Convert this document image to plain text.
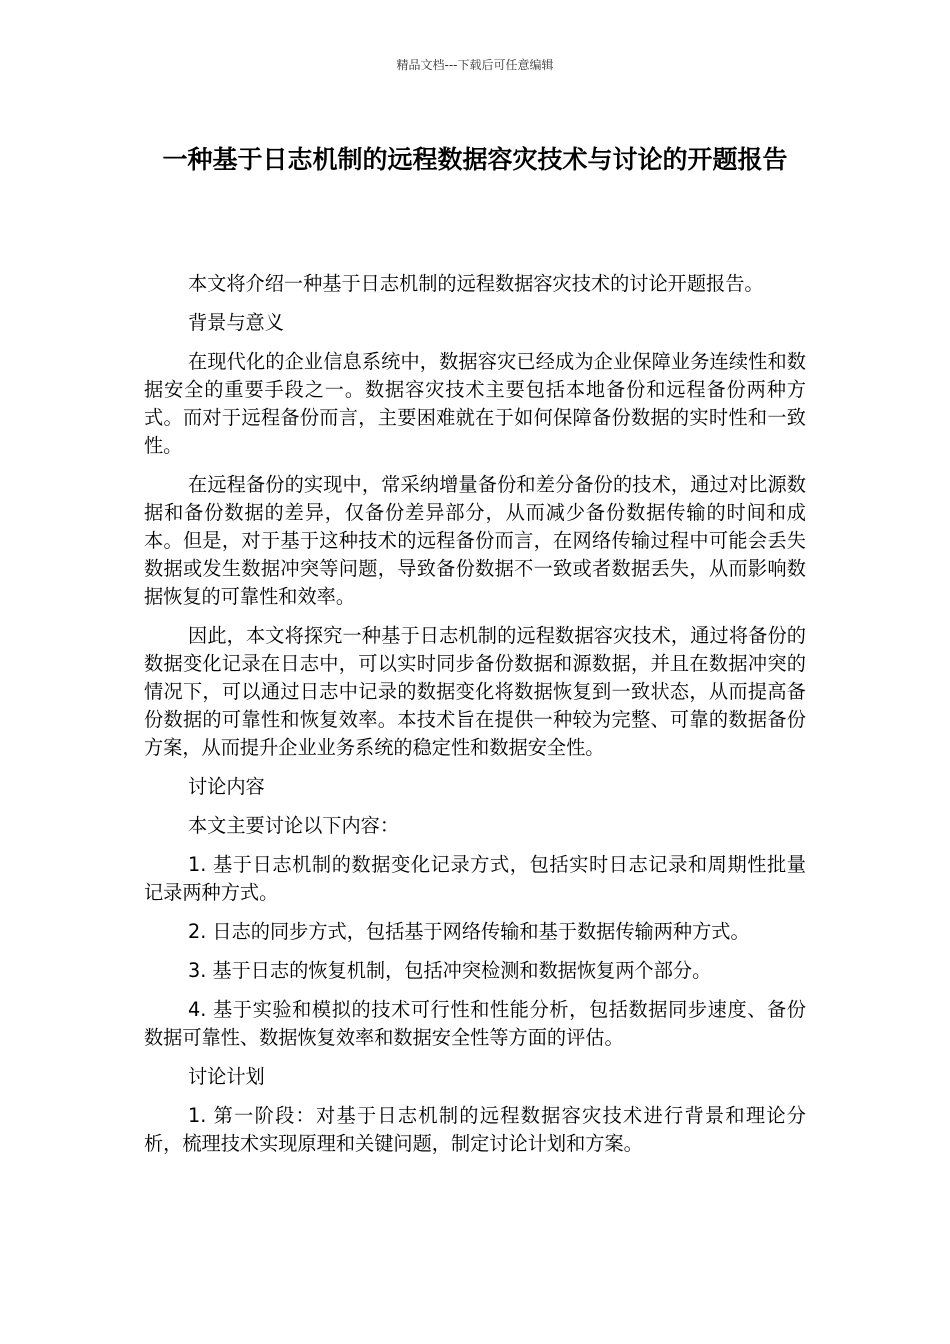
精品文档---下载后可任意编辑
一种基于日志机制的远程数据容灾技术与讨论的开题报告

本文将介绍一种基于日志机制的远程数据容灾技术的讨论开题报告。

背景与意义

在现代化的企业信息系统中，数据容灾已经成为企业保障业务连续性和数据安全的重要手段之一。数据容灾技术主要包括本地备份和远程备份两种方式。而对于远程备份而言，主要困难就在于如何保障备份数据的实时性和一致性。

在远程备份的实现中，常采纳增量备份和差分备份的技术，通过对比源数据和备份数据的差异，仅备份差异部分，从而减少备份数据传输的时间和成本。但是，对于基于这种技术的远程备份而言，在网络传输过程中可能会丢失数据或发生数据冲突等问题，导致备份数据不一致或者数据丢失，从而影响数据恢复的可靠性和效率。

因此，本文将探究一种基于日志机制的远程数据容灾技术，通过将备份的数据变化记录在日志中，可以实时同步备份数据和源数据，并且在数据冲突的情况下，可以通过日志中记录的数据变化将数据恢复到一致状态，从而提高备份数据的可靠性和恢复效率。本技术旨在提供一种较为完整、可靠的数据备份方案，从而提升企业业务系统的稳定性和数据安全性。

讨论内容

本文主要讨论以下内容：

1. 基于日志机制的数据变化记录方式，包括实时日志记录和周期性批量记录两种方式。

2. 日志的同步方式，包括基于网络传输和基于数据传输两种方式。

3. 基于日志的恢复机制，包括冲突检测和数据恢复两个部分。

4. 基于实验和模拟的技术可行性和性能分析，包括数据同步速度、备份数据可靠性、数据恢复效率和数据安全性等方面的评估。

讨论计划

1. 第一阶段：对基于日志机制的远程数据容灾技术进行背景和理论分析，梳理技术实现原理和关键问题，制定讨论计划和方案。
